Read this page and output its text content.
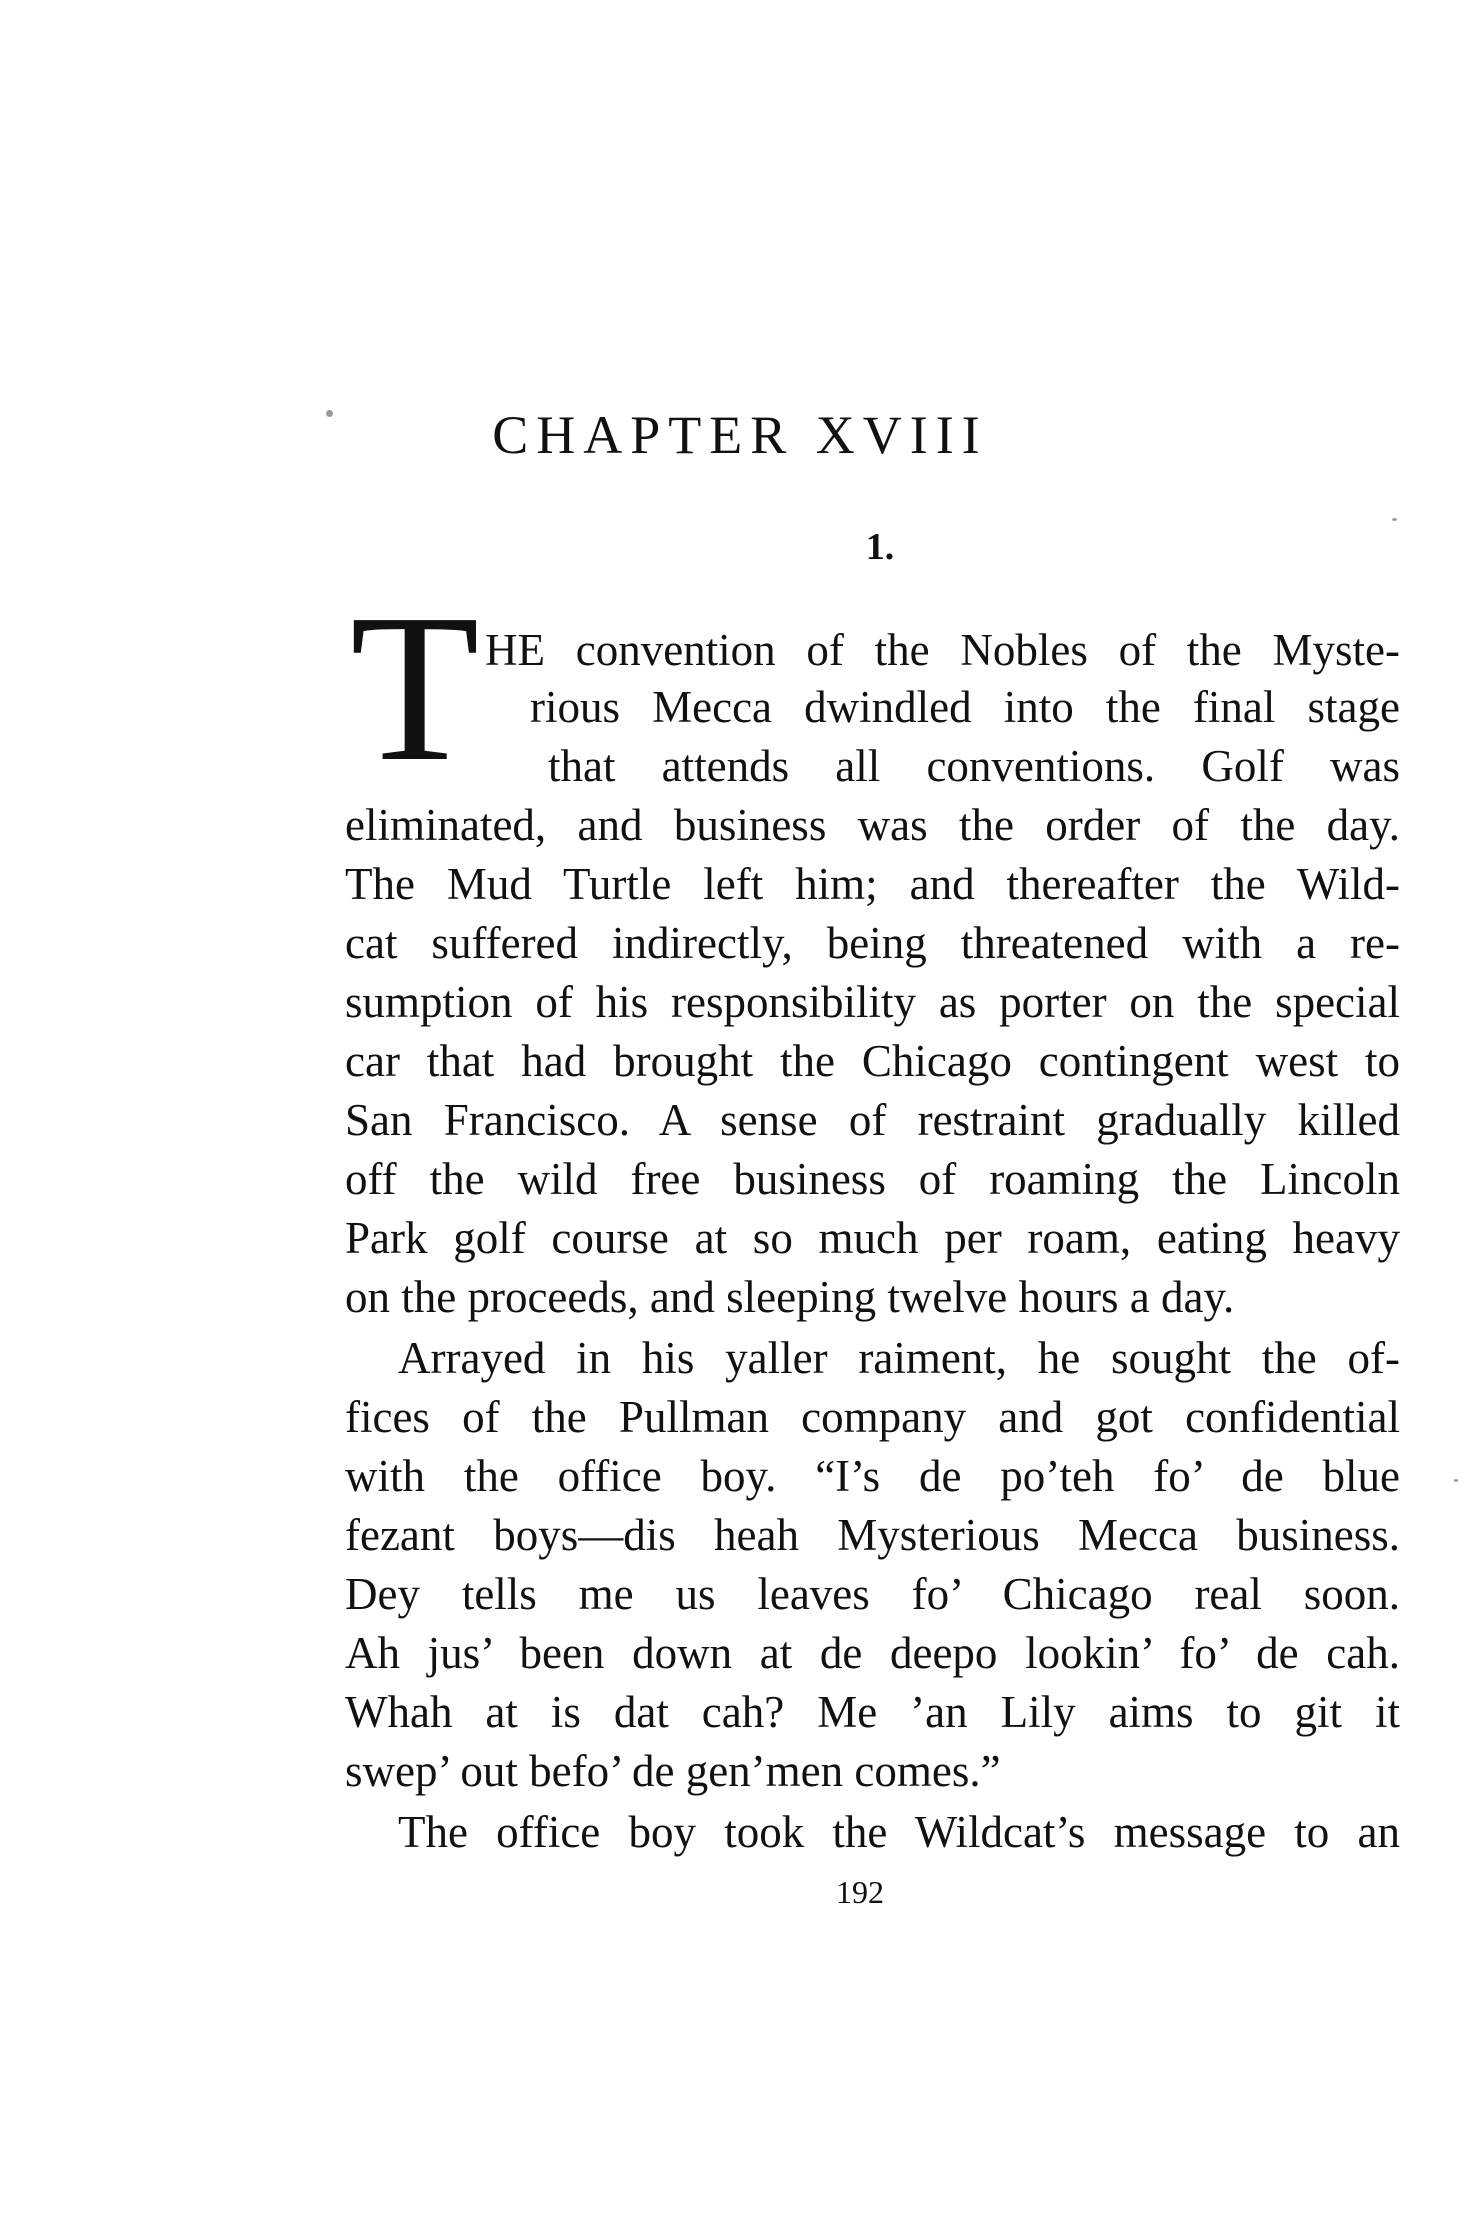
CHAPTER XVIII
1.
T HE convention of the Nobles of the Myste-
rious Mecca dwindled into the final stage
that attends all conventions. Golf was
eliminated, and business was the order of the day.
The Mud Turtle left him; and thereafter the Wild-
cat suffered indirectly, being threatened with a re-
sumption of his responsibility as porter on the special
car that had brought the Chicago contingent west to
San Francisco. A sense of restraint gradually killed
off the wild free business of roaming the Lincoln
Park golf course at so much per roam, eating heavy
on the proceeds, and sleeping twelve hours a day.
Arrayed in his yaller raiment, he sought the of-
fices of the Pullman company and got confidential
with the office boy. “I’s de po’teh fo’ de blue
fezant boys—dis heah Mysterious Mecca business.
Dey tells me us leaves fo’ Chicago real soon.
Ah jus’ been down at de deepo lookin’ fo’ de cah.
Whah at is dat cah? Me ’an Lily aims to git it
swep’ out befo’ de gen’men comes.”
The office boy took the Wildcat’s message to an
192
